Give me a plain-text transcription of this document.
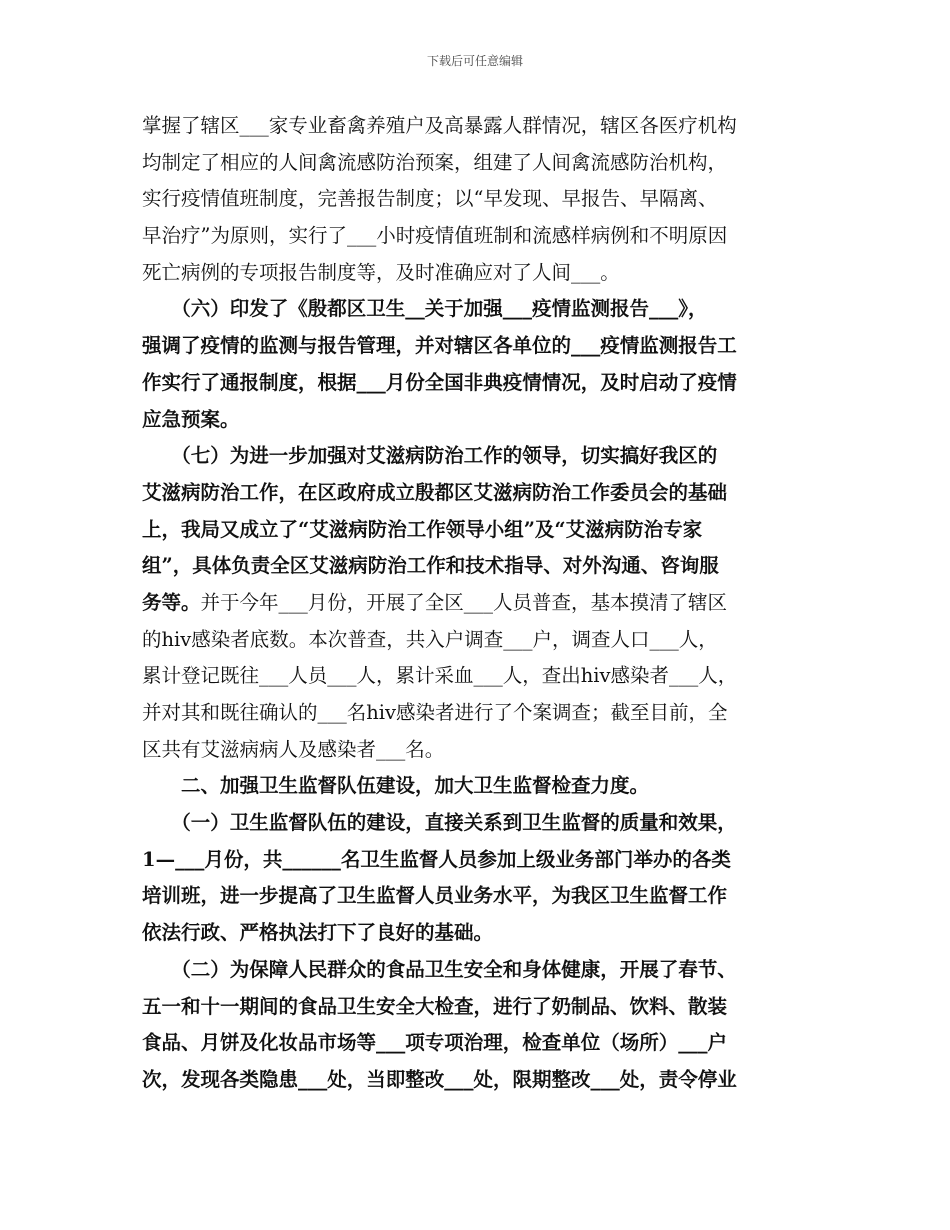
下载后可任意编辑
掌握了辖区___家专业畜禽养殖户及高暴露人群情况，辖区各医疗机构
均制定了相应的人间禽流感防治预案，组建了人间禽流感防治机构，
实行疫情值班制度，完善报告制度；以“早发现、早报告、早隔离、
早治疗”为原则，实行了___小时疫情值班制和流感样病例和不明原因
死亡病例的专项报告制度等，及时准确应对了人间___。
　　（六）印发了《殷都区卫生__关于加强___疫情监测报告___》，
强调了疫情的监测与报告管理，并对辖区各单位的___疫情监测报告工
作实行了通报制度，根据___月份全国非典疫情情况，及时启动了疫情
应急预案。
　　（七）为进一步加强对艾滋病防治工作的领导，切实搞好我区的
艾滋病防治工作，在区政府成立殷都区艾滋病防治工作委员会的基础
上，我局又成立了“艾滋病防治工作领导小组”及“艾滋病防治专家
组”，具体负责全区艾滋病防治工作和技术指导、对外沟通、咨询服
务等。并于今年___月份，开展了全区___人员普查，基本摸清了辖区
的hiv感染者底数。本次普查，共入户调查___户，调查人口___人，
累计登记既往___人员___人，累计采血___人，查出hiv感染者___人，
并对其和既往确认的___名hiv感染者进行了个案调查；截至目前，全
区共有艾滋病病人及感染者___名。
　　二、加强卫生监督队伍建设，加大卫生监督检查力度。
　　（一）卫生监督队伍的建设，直接关系到卫生监督的质量和效果，
1—___月份，共______名卫生监督人员参加上级业务部门举办的各类
培训班，进一步提高了卫生监督人员业务水平，为我区卫生监督工作
依法行政、严格执法打下了良好的基础。
　　（二）为保障人民群众的食品卫生安全和身体健康，开展了春节、
五一和十一期间的食品卫生安全大检查，进行了奶制品、饮料、散装
食品、月饼及化妆品市场等___项专项治理，检查单位（场所）___户
次，发现各类隐患___处，当即整改___处，限期整改___处，责令停业
